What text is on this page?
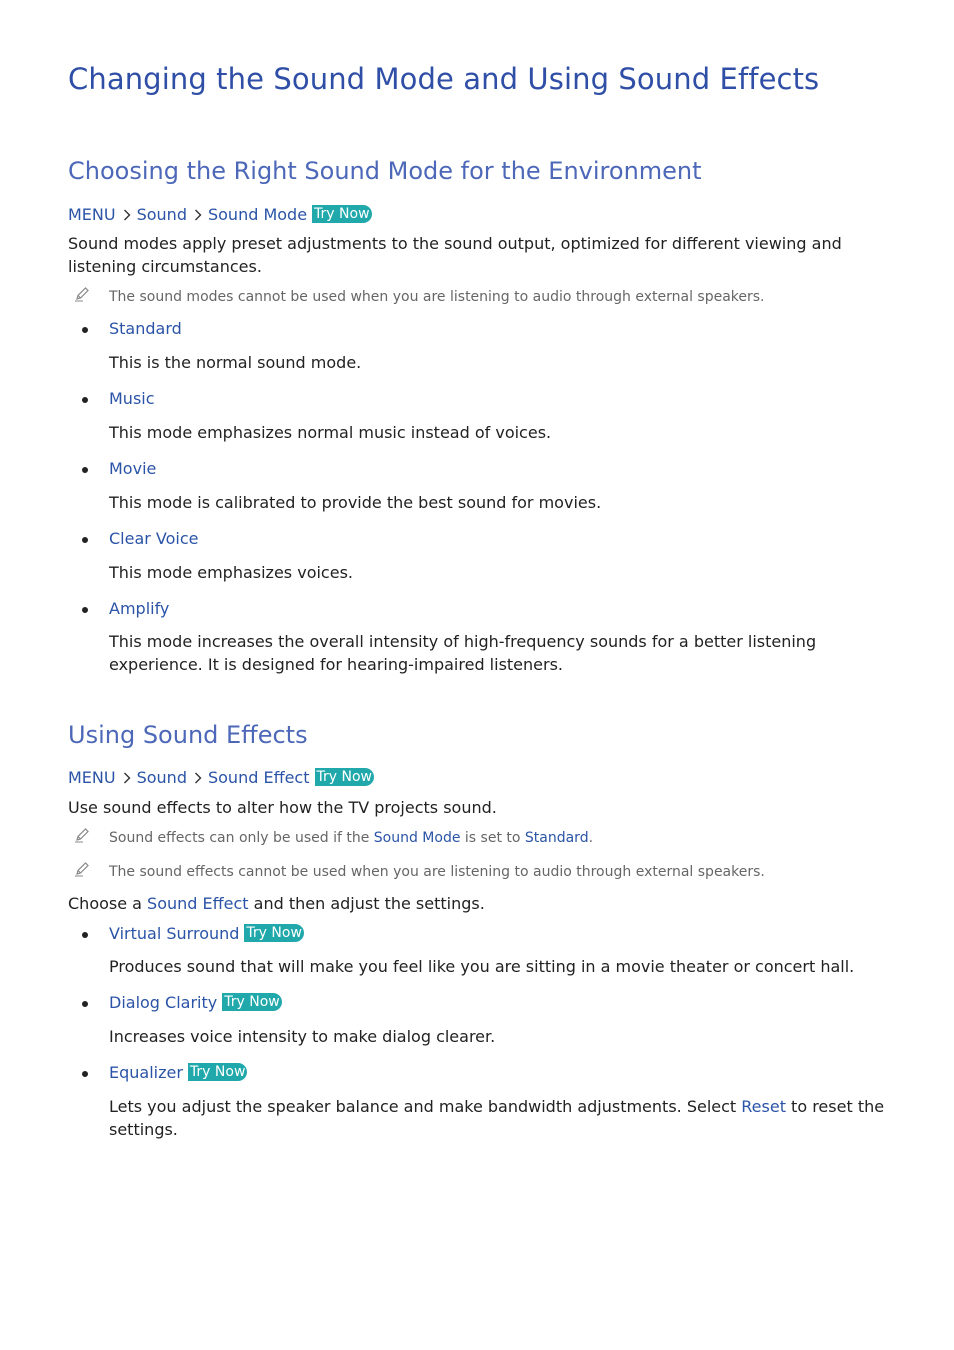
Changing the Sound Mode and Using Sound Effects
Choosing the Right Sound Mode for the Environment
MENU Sound Sound Mode Try Now

Sound modes apply preset adjustments to the sound output, optimized for different viewing and listening circumstances.

The sound modes cannot be used when you are listening to audio through external speakers.
Standard

This is the normal sound mode.

Music

This mode emphasizes normal music instead of voices.

Movie

This mode is calibrated to provide the best sound for movies.

Clear Voice

This mode emphasizes voices.

Amplify

This mode increases the overall intensity of high-frequency sounds for a better listening experience. It is designed for hearing-impaired listeners.

Using Sound Effects
MENU Sound Sound Effect Try Now

Use sound effects to alter how the TV projects sound.

Sound effects can only be used if the Sound Mode is set to Standard.
The sound effects cannot be used when you are listening to audio through external speakers.

Choose a Sound Effect and then adjust the settings.

Virtual Surround Try Now

Produces sound that will make you feel like you are sitting in a movie theater or concert hall.

Dialog Clarity Try Now

Increases voice intensity to make dialog clearer.

Equalizer Try Now

Lets you adjust the speaker balance and make bandwidth adjustments. Select Reset to reset the settings.
